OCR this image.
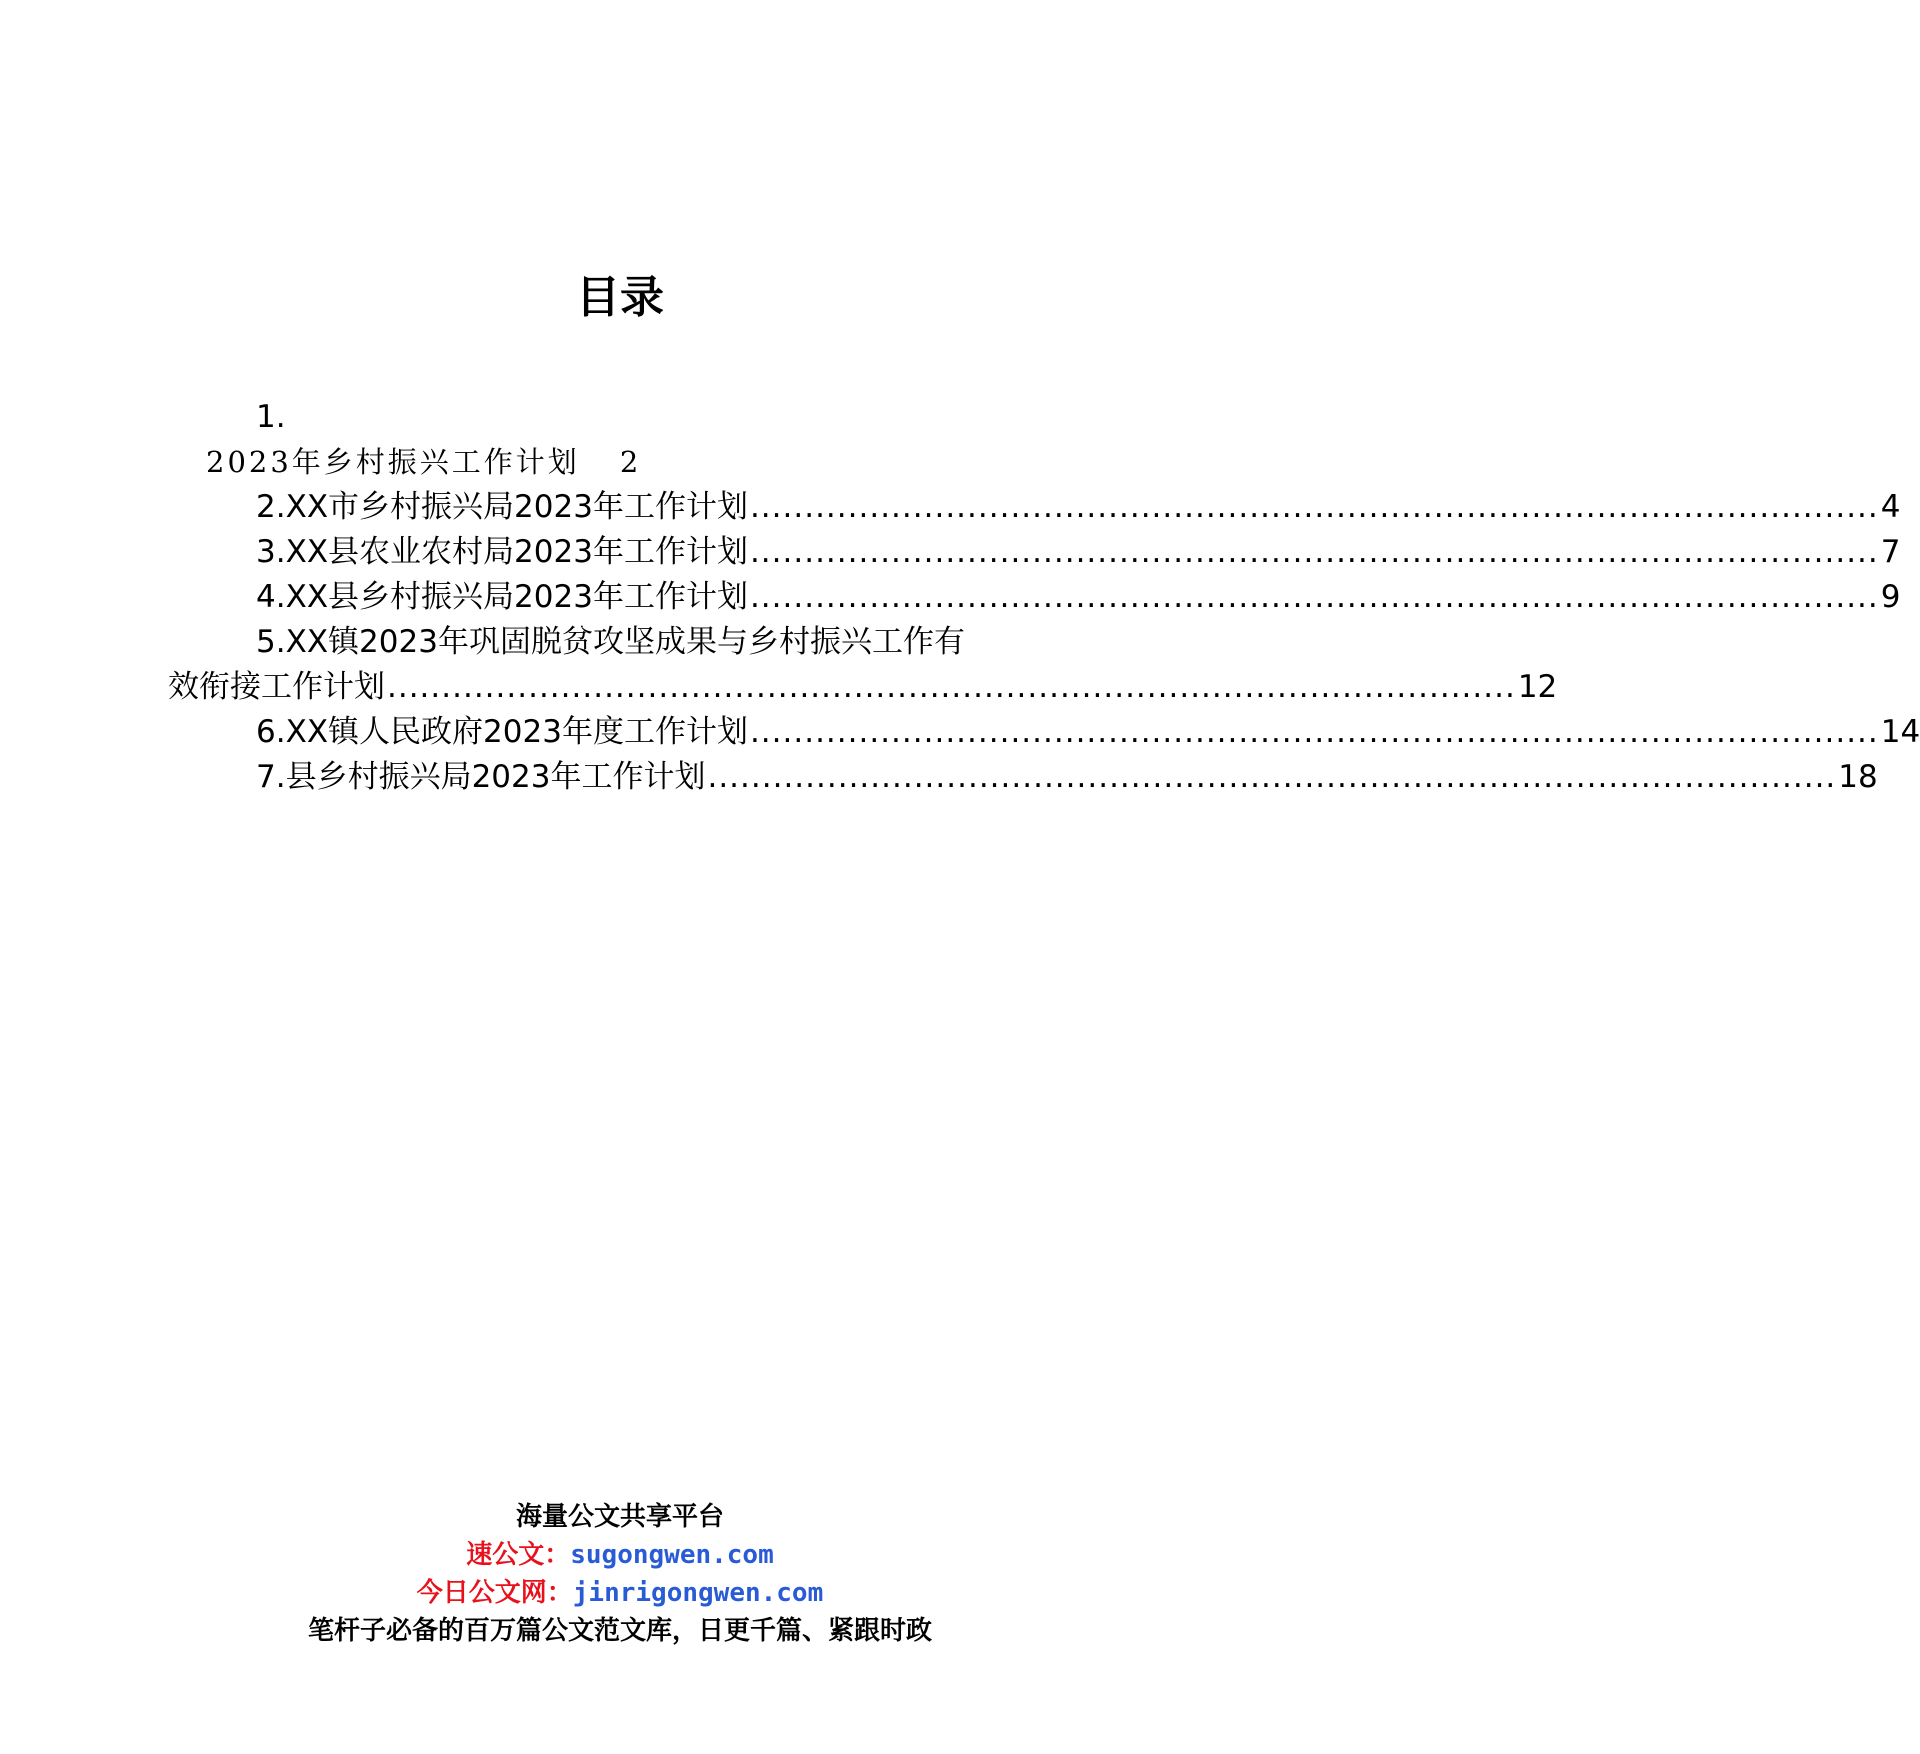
目录
1.
2023年乡村振兴工作计划 2
2.XX市乡村振兴局2023年工作计划 ........................................................................................................ 4
3.XX县农业农村局2023年工作计划 ........................................................................................................ 7
4.XX县乡村振兴局2023年工作计划 ........................................................................................................ 9
5.XX镇2023年巩固脱贫攻坚成果与乡村振兴工作有
效衔接工作计划 ........................................................................................................ 12
6.XX镇人民政府2023年度工作计划 ........................................................................................................ 14
7.县乡村振兴局2023年工作计划 ........................................................................................................ 18
海量公文共享平台
速公文：sugongwen.com
今日公文网：jinrigongwen.com
笔杆子必备的百万篇公文范文库，日更千篇、紧跟时政
